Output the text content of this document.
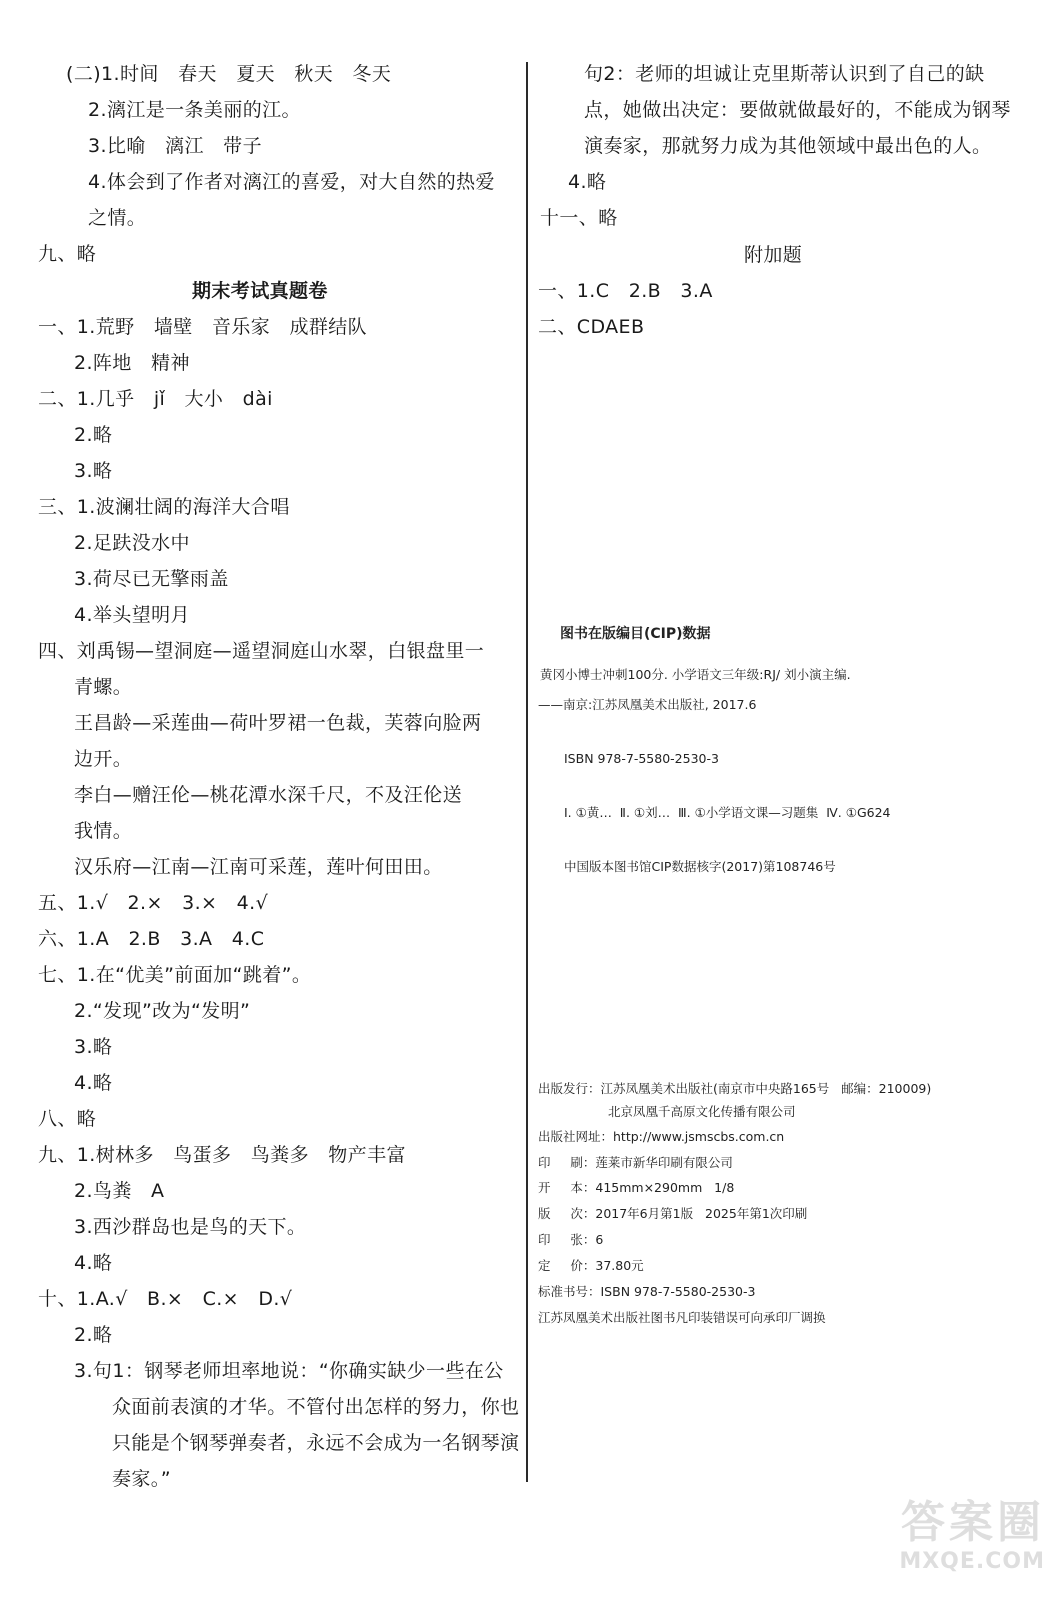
(二)1.时间   春天   夏天   秋天   冬天
2.漓江是一条美丽的江。
3.比喻   漓江   带子
4.体会到了作者对漓江的喜爱，对大自然的热爱
之情。
九、略
期末考试真题卷
一、1.荒野   墙壁   音乐家   成群结队
2.阵地   精神
二、1.几乎   jǐ   大小   dài
2.略
3.略
三、1.波澜壮阔的海洋大合唱
2.足趺没水中
3.荷尽已无擎雨盖
4.举头望明月
四、刘禹锡—望洞庭—遥望洞庭山水翠，白银盘里一
青螺。
王昌龄—采莲曲—荷叶罗裙一色裁，芙蓉向脸两
边开。
李白—赠汪伦—桃花潭水深千尺，不及汪伦送
我情。
汉乐府—江南—江南可采莲，莲叶何田田。
五、1.√   2.×   3.×   4.√
六、1.A   2.B   3.A   4.C
七、1.在“优美”前面加“跳着”。
2.“发现”改为“发明”
3.略
4.略
八、略
九、1.树林多   鸟蛋多   鸟粪多   物产丰富
2.鸟粪   A
3.西沙群岛也是鸟的天下。
4.略
十、1.A.√   B.×   C.×   D.√
2.略
3.句1：钢琴老师坦率地说：“你确实缺少一些在公
众面前表演的才华。不管付出怎样的努力，你也
只能是个钢琴弹奏者，永远不会成为一名钢琴演
奏家。”
句2：老师的坦诚让克里斯蒂认识到了自己的缺
点，她做出决定：要做就做最好的，不能成为钢琴
演奏家，那就努力成为其他领域中最出色的人。
4.略
十一、略
附加题
一、1.C   2.B   3.A
二、CDAEB
图书在版编目(CIP)数据
黄冈小博士冲刺100分. 小学语文三年级:RJ/ 刘小演主编.
——南京:江苏凤凰美术出版社, 2017.6
ISBN 978-7-5580-2530-3
Ⅰ. ①黄…  Ⅱ. ①刘…  Ⅲ. ①小学语文课—习题集  Ⅳ. ①G624
中国版本图书馆CIP数据核字(2017)第108746号
出版发行：江苏凤凰美术出版社(南京市中央路165号   邮编：210009)
北京凤凰千高原文化传播有限公司
出版社网址：http://www.jsmscbs.com.cn
印     刷：莲莱市新华印刷有限公司
开     本：415mm×290mm   1/8
版     次：2017年6月第1版   2025年第1次印刷
印     张：6
定     价：37.80元
标准书号：ISBN 978-7-5580-2530-3
江苏凤凰美术出版社图书凡印装错误可向承印厂调换
答案圈
MXQE.COM
